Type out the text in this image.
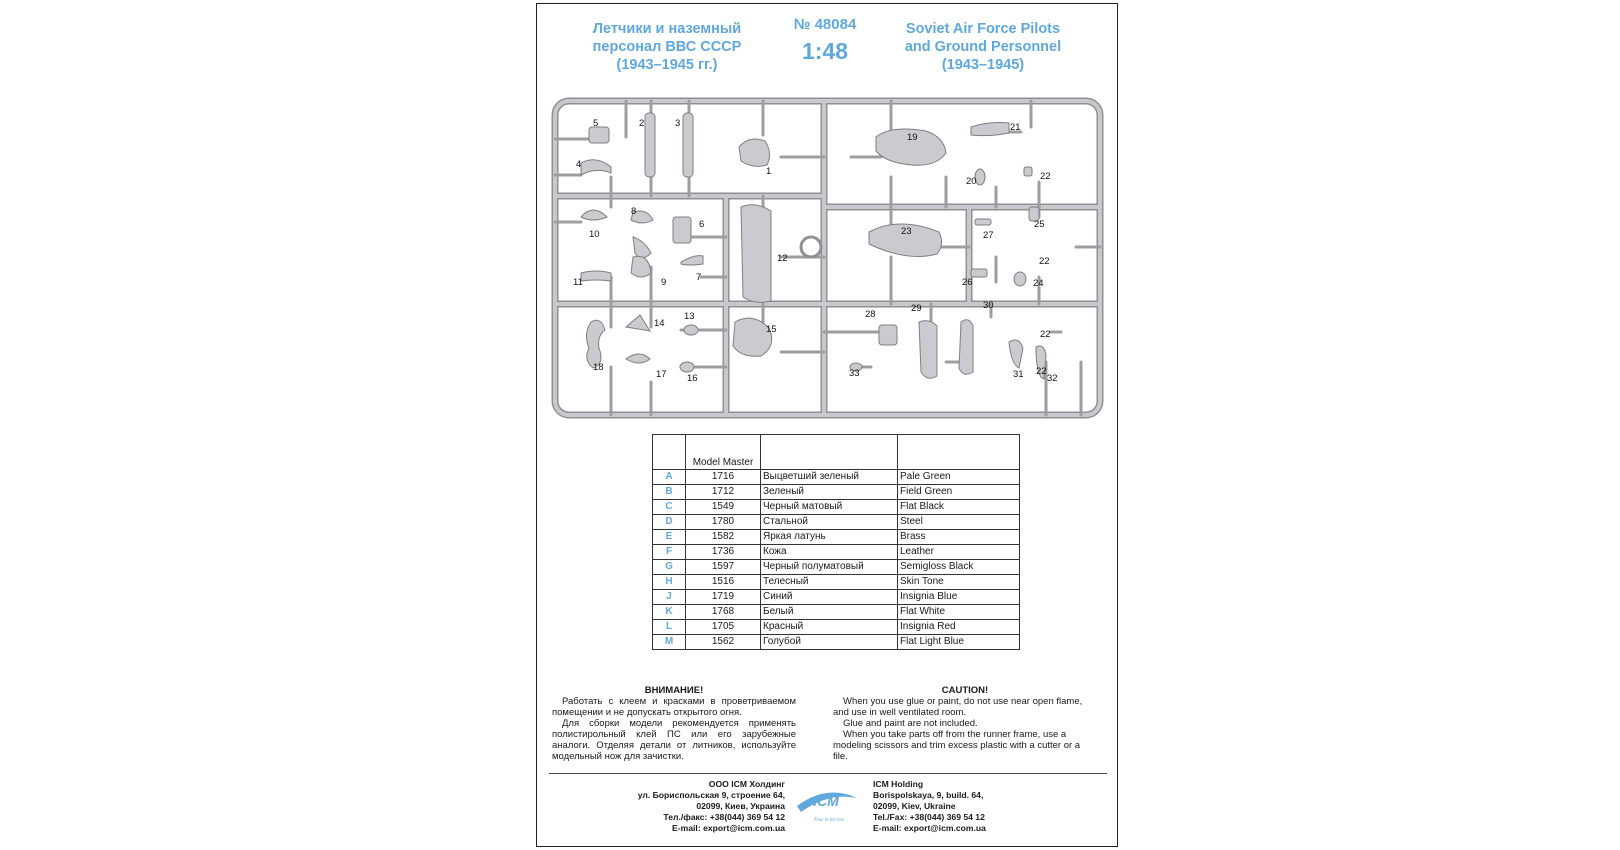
Летчики и наземный
персонал ВВС СССР
(1943–1945 гг.)
№ 48084
1:48
Soviet Air Force Pilots
and Ground Personnel
(1943–1945)
1
2	3
4
5
6
7
8
9
10
11
12
13
14
15
16
17
18
19
20
21
22
22
22
22
23
24
25
26
27
28
29	30
31 32
33
	Model Master		
A	1716	Выцветший зеленый	Pale Green
B	1712	Зеленый	Field Green
C	1549	Черный матовый	Flat Black
D	1780	Стальной	Steel
E	1582	Яркая латунь	Brass
F	1736	Кожа	Leather
G	1597	Черный полуматовый	Semigloss Black
H	1516	Телесный	Skin Tone
J	1719	Синий	Insignia Blue
K	1768	Белый	Flat White
L	1705	Красный	Insignia Red
M	1562	Голубой	Flat Light Blue
ВНИМАНИЕ!

Работать с клеем и красками в проветриваемом помещении и не допускать открытого огня.

Для сборки модели рекомендуется применять полистирольный клей ПС или его зарубежные аналоги. Отделяя детали от литников, используйте модельный нож для зачистки.

CAUTION!

When you use glue or paint, do not use near open flame, and use in well ventilated room.

Glue and paint are not included.

When you take parts off from the runner frame, use a modeling scissors and trim excess plastic with a cutter or a file.

ООО ICM Холдинг
ул. Бориспольская 9, строение 64,
02099, Киев, Украина
Тел./факс: +38(044) 369 54 12
E-mail: export@icm.com.ua
ICM
Time in the box
ICM Holding
Borispolskaya, 9, build. 64,
02099, Kiev, Ukraine
Tel./Fax: +38(044) 369 54 12
E-mail: export@icm.com.ua
